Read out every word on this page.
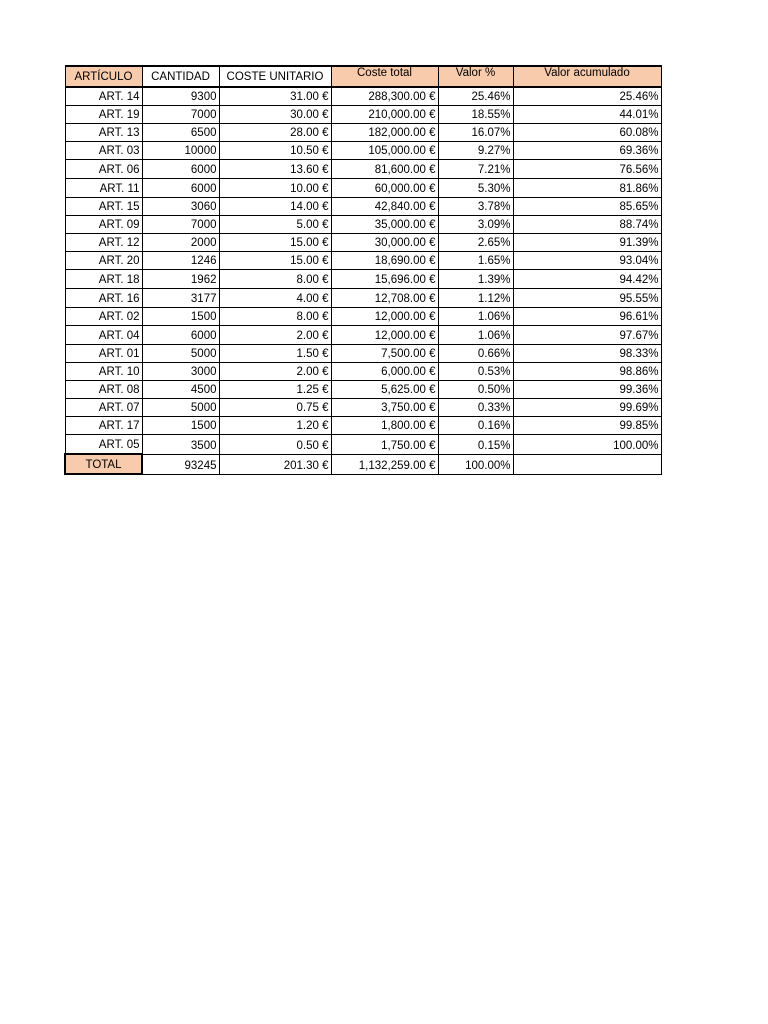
ARTÍCULO	CANTIDAD	COSTE UNITARIO	Coste total	Valor %	Valor acumulado
ART. 14	9300	31.00 €	288,300.00 €	25.46%	25.46%
ART. 19	7000	30.00 €	210,000.00 €	18.55%	44.01%
ART. 13	6500	28.00 €	182,000.00 €	16.07%	60.08%
ART. 03	10000	10.50 €	105,000.00 €	9.27%	69.36%
ART. 06	6000	13.60 €	81,600.00 €	7.21%	76.56%
ART. 11	6000	10.00 €	60,000.00 €	5.30%	81.86%
ART. 15	3060	14.00 €	42,840.00 €	3.78%	85.65%
ART. 09	7000	5.00 €	35,000.00 €	3.09%	88.74%
ART. 12	2000	15.00 €	30,000.00 €	2.65%	91.39%
ART. 20	1246	15.00 €	18,690.00 €	1.65%	93.04%
ART. 18	1962	8.00 €	15,696.00 €	1.39%	94.42%
ART. 16	3177	4.00 €	12,708.00 €	1.12%	95.55%
ART. 02	1500	8.00 €	12,000.00 €	1.06%	96.61%
ART. 04	6000	2.00 €	12,000.00 €	1.06%	97.67%
ART. 01	5000	1.50 €	7,500.00 €	0.66%	98.33%
ART. 10	3000	2.00 €	6,000.00 €	0.53%	98.86%
ART. 08	4500	1.25 €	5,625.00 €	0.50%	99.36%
ART. 07	5000	0.75 €	3,750.00 €	0.33%	99.69%
ART. 17	1500	1.20 €	1,800.00 €	0.16%	99.85%
ART. 05	3500	0.50 €	1,750.00 €	0.15%	100.00%
TOTAL	93245	201.30 €	1,132,259.00 €	100.00%	
